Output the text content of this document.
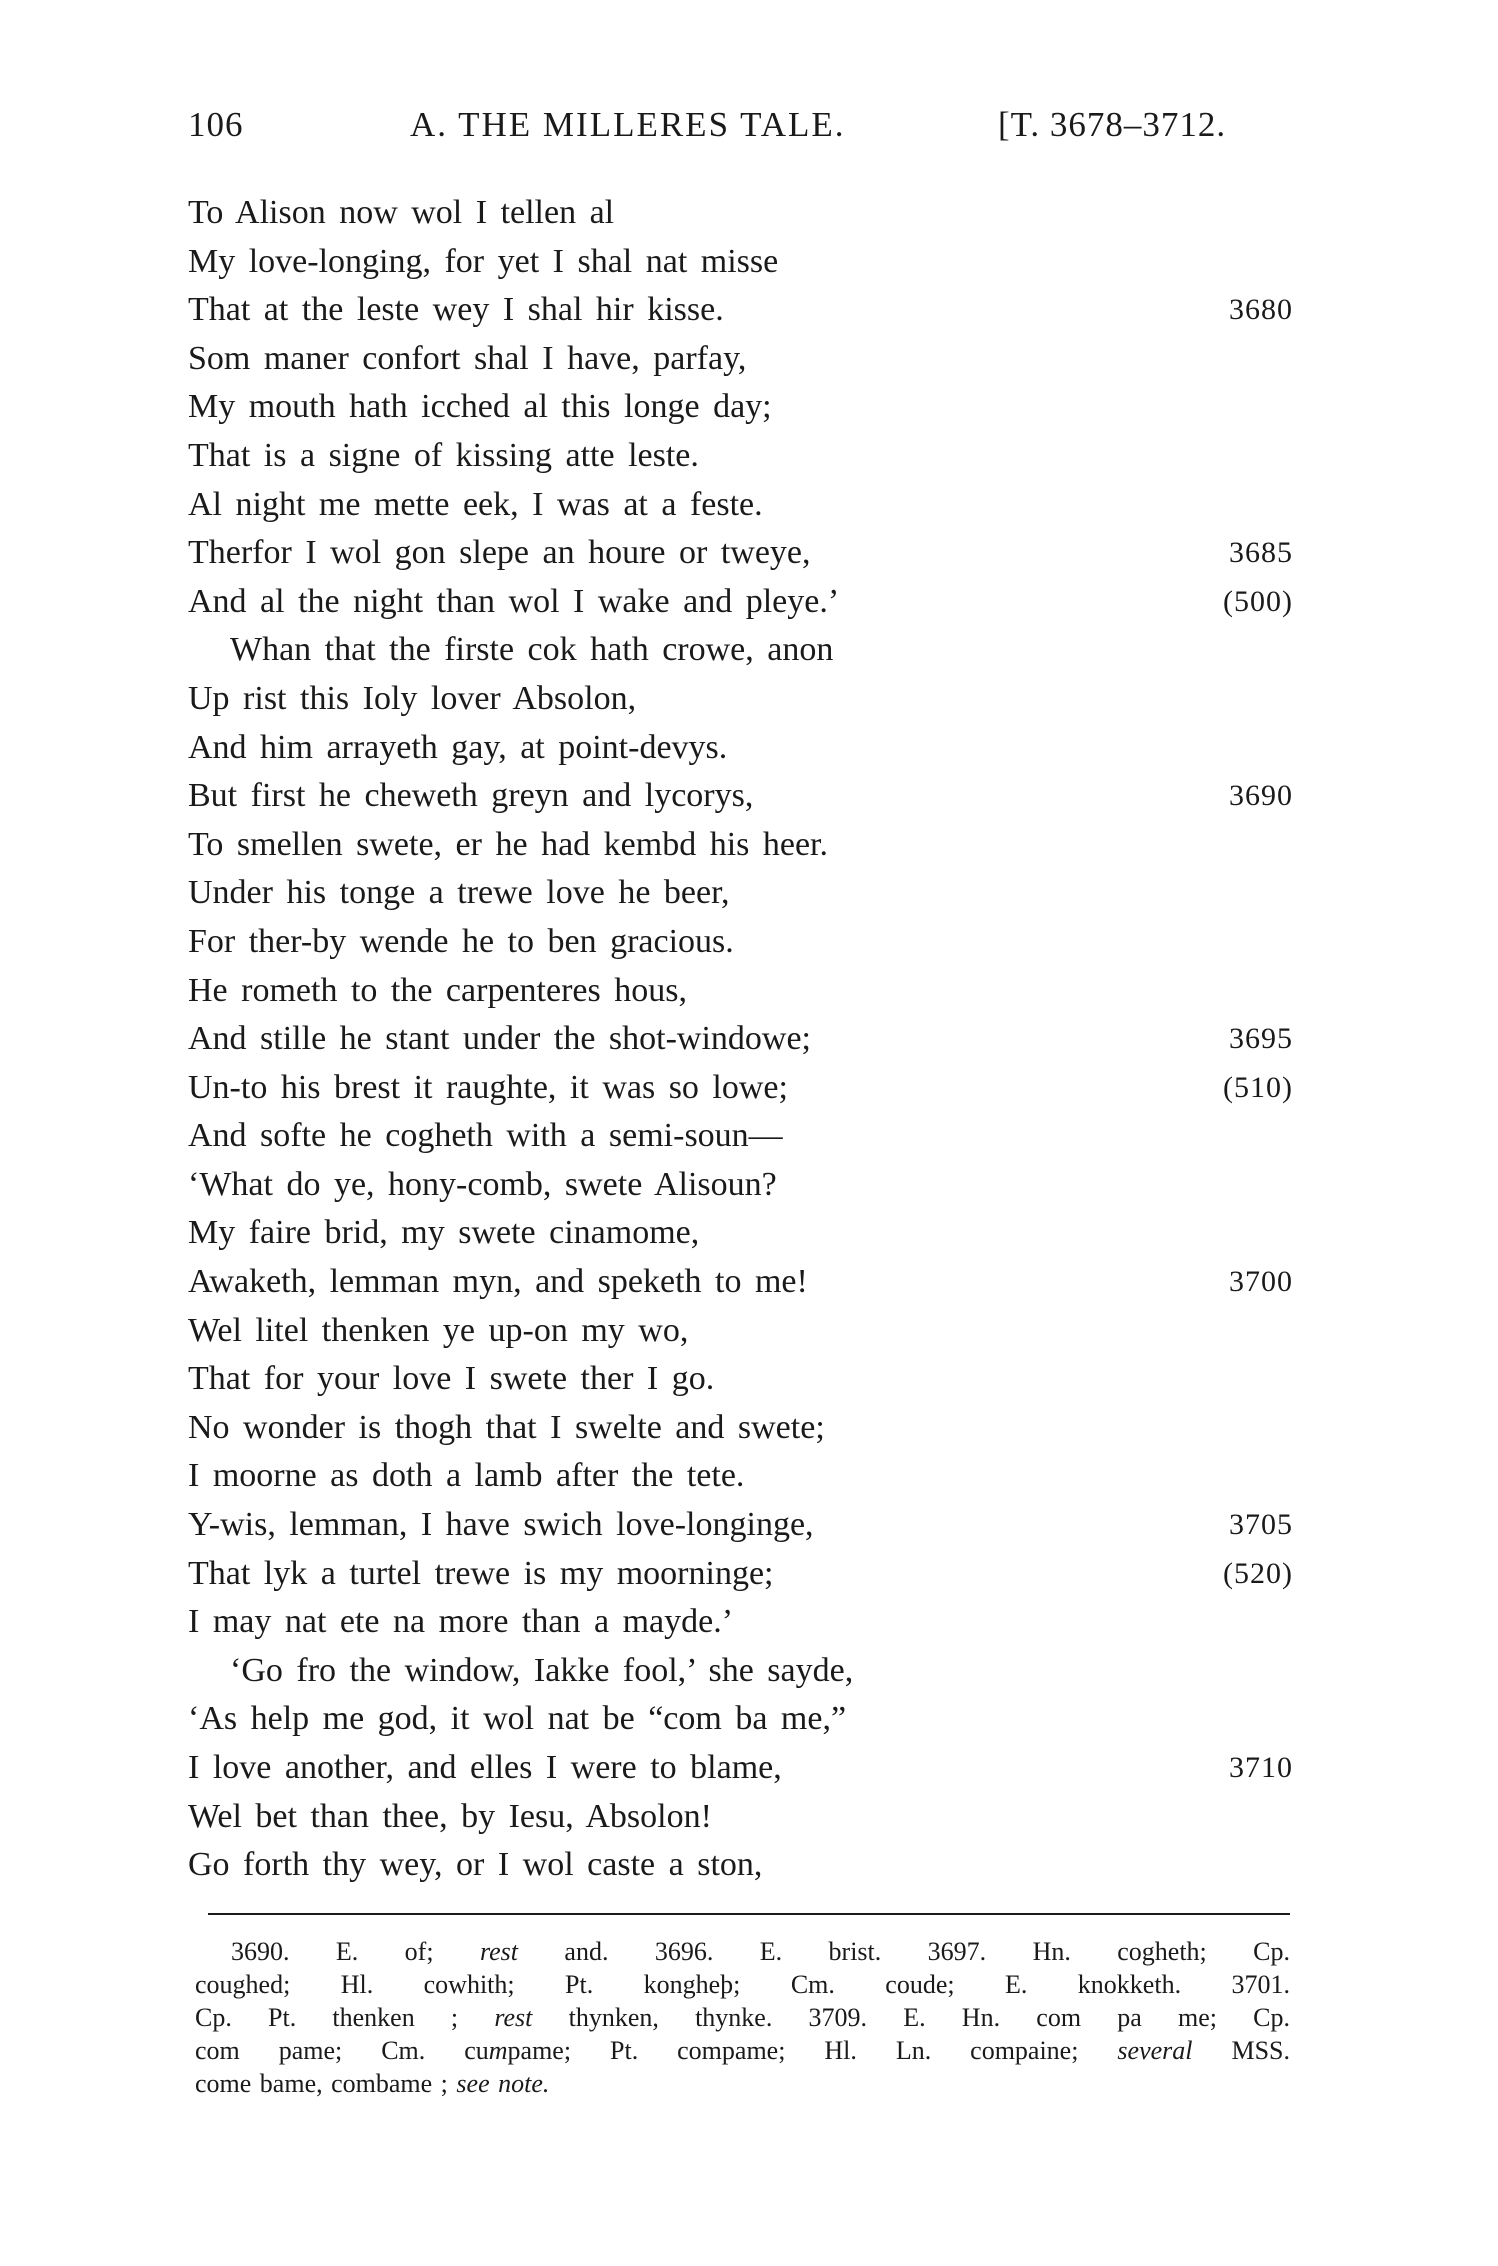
106	A. THE MILLERES TALE.	[T. 3678–3712.
To Alison now wol I tellen al
My love-longing, for yet I shal nat misse
That at the leste wey I shal hir kisse.	3680
Som maner confort shal I have, parfay,
My mouth hath icched al this longe day;
That is a signe of kissing atte leste.
Al night me mette eek, I was at a feste.
Therfor I wol gon slepe an houre or tweye,	3685
And al the night than wol I wake and pleye.’	(500)
Whan that the firste cok hath crowe, anon
Up rist this Ioly lover Absolon,
And him arrayeth gay, at point-devys.
But first he cheweth greyn and lycorys,	3690
To smellen swete, er he had kembd his heer.
Under his tonge a trewe love he beer,
For ther-by wende he to ben gracious.
He rometh to the carpenteres hous,
And stille he stant under the shot-windowe;	3695
Un-to his brest it raughte, it was so lowe;	(510)
And softe he cogheth with a semi-soun—
‘What do ye, hony-comb, swete Alisoun?
My faire brid, my swete cinamome,
Awaketh, lemman myn, and speketh to me!	3700
Wel litel thenken ye up-on my wo,
That for your love I swete ther I go.
No wonder is thogh that I swelte and swete;
I moorne as doth a lamb after the tete.
Y-wis, lemman, I have swich love-longinge,	3705
That lyk a turtel trewe is my moorninge;	(520)
I may nat ete na more than a mayde.’
‘Go fro the window, Iakke fool,’ she sayde,
‘As help me god, it wol nat be “com ba me,”
I love another, and elles I were to blame,	3710
Wel bet than thee, by Iesu, Absolon!
Go forth thy wey, or I wol caste a ston,
3690. E. of; rest and. 3696. E. brist. 3697. Hn. cogheth; Cp.
coughed; Hl. cowhith; Pt. kongheþ; Cm. coude; E. knokketh. 3701.
Cp. Pt. thenken ; rest thynken, thynke. 3709. E. Hn. com pa me; Cp.
com pame; Cm. cumpame; Pt. compame; Hl. Ln. compaine; several MSS.
come bame, combame ; see note.
